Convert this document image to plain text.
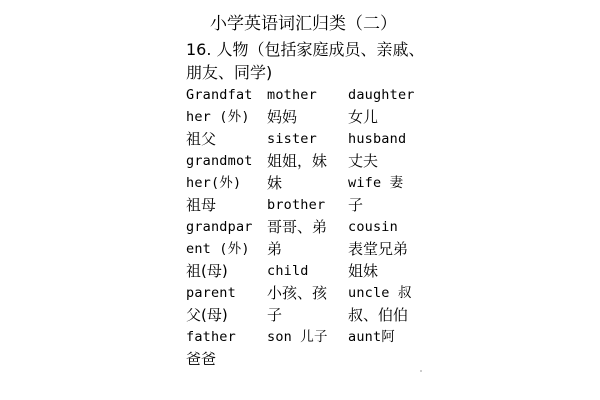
小学英语词汇归类（二）
16. 人物（包括家庭成员、亲戚、朋友、同学)
Grandfat
her (外)
祖父
grandmot
her(外)
祖母
grandpar
ent (外)
祖(母)
parent
父(母)
father
爸爸
mother
妈妈
sister
姐姐，妹
妹
brother
哥哥、弟
弟
child
小孩、孩
子
son 儿子
daughter
女儿
husband
丈夫
wife 妻
子
cousin
表堂兄弟
姐妹
uncle 叔
叔、伯伯
aunt阿
